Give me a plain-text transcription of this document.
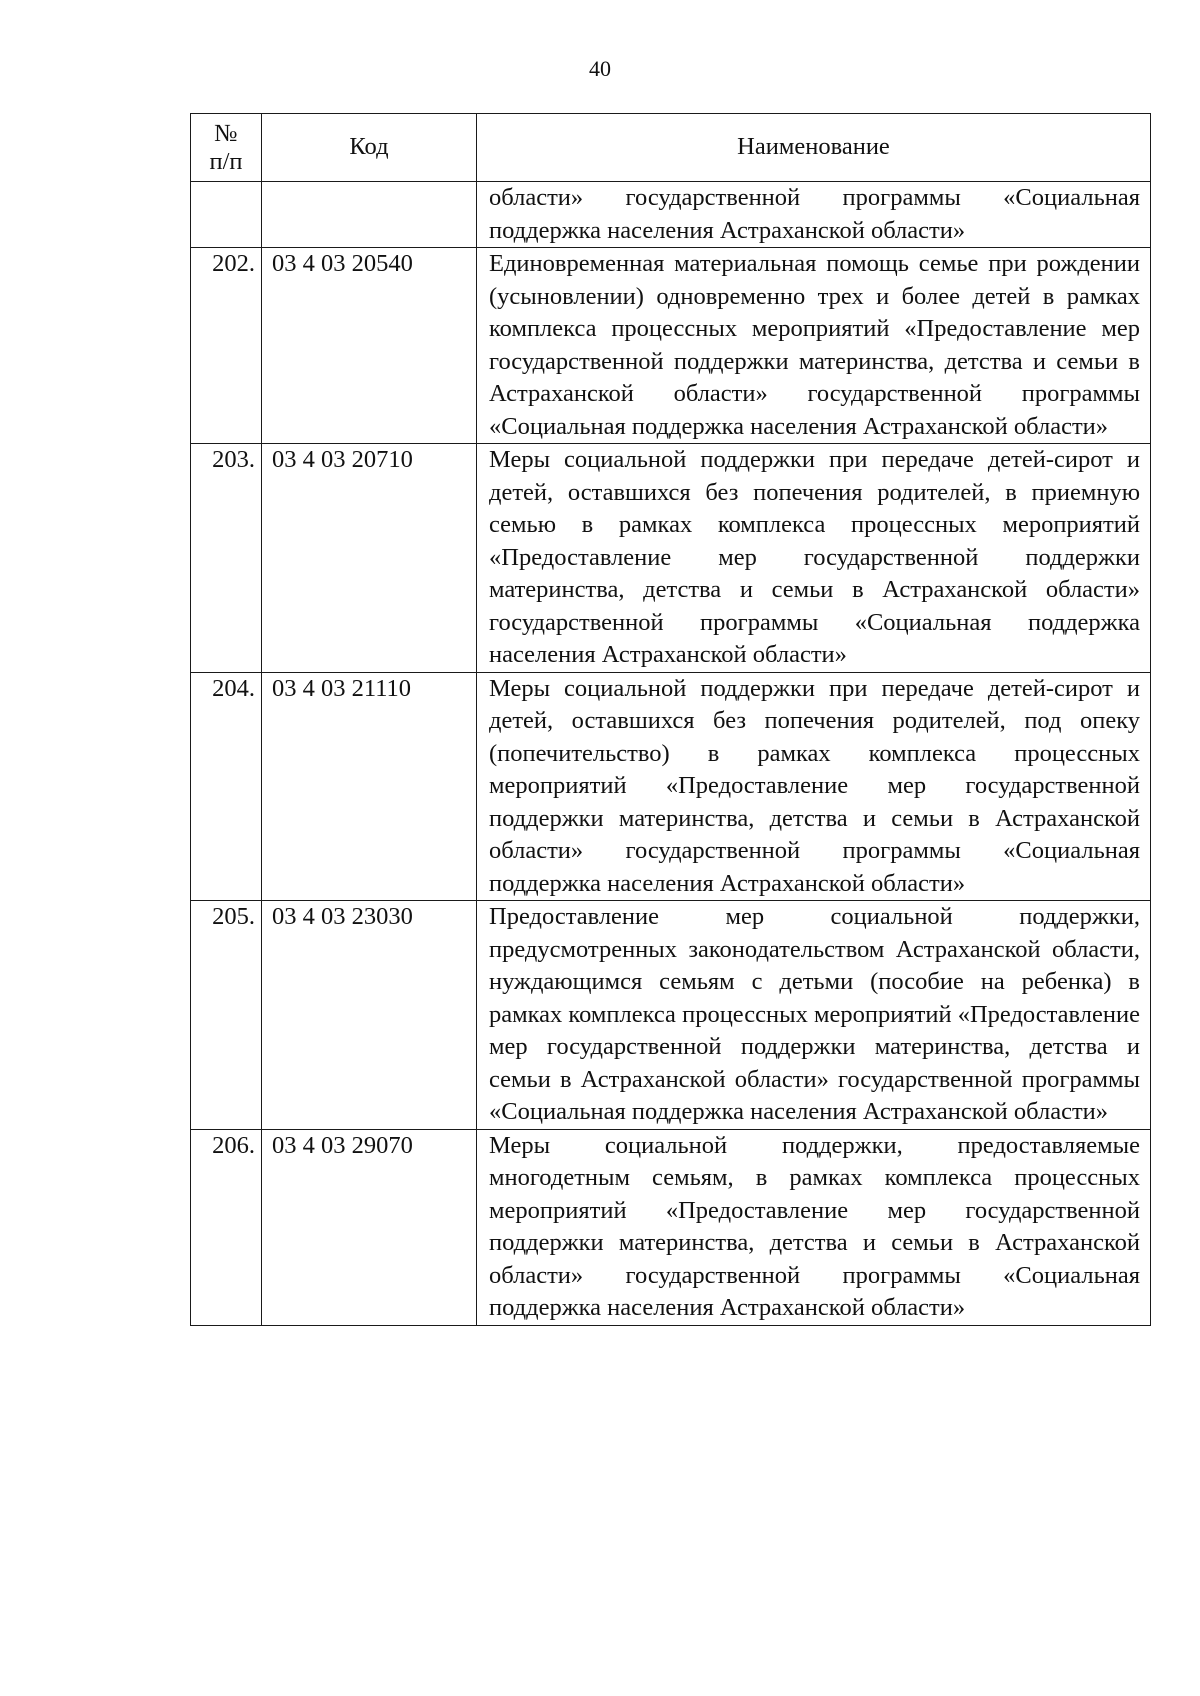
40
№
п/п	Код	Наименование
		области» государственной программы «Социальная поддержка населения Астраханской области»
202.	03 4 03 20540	Единовременная материальная помощь семье при рождении (усыновлении) одновременно трех и более детей в рамках комплекса процессных мероприятий «Предоставление мер государственной поддержки материнства, детства и семьи в Астраханской области» государственной программы «Социальная поддержка населения Астраханской области»
203.	03 4 03 20710	Меры социальной поддержки при передаче детей-сирот и детей, оставшихся без попечения родителей, в приемную семью в рамках комплекса процессных мероприятий «Предоставление мер государственной поддержки материнства, детства и семьи в Астраханской области» государственной программы «Социальная поддержка населения Астраханской области»
204.	03 4 03 21110	Меры социальной поддержки при передаче детей-сирот и детей, оставшихся без попечения родителей, под опеку (попечительство) в рамках комплекса процессных мероприятий «Предоставление мер государственной поддержки материнства, детства и семьи в Астраханской области» государственной программы «Социальная поддержка населения Астраханской области»
205.	03 4 03 23030	Предоставление мер социальной поддержки, предусмотренных законодательством Астраханской области, нуждающимся семьям с детьми (пособие на ребенка) в рамках комплекса процессных мероприятий «Предоставление мер государственной поддержки материнства, детства и семьи в Астраханской области» государственной программы «Социальная поддержка населения Астраханской области»
206.	03 4 03 29070	Меры социальной поддержки, предоставляемые многодетным семьям, в рамках комплекса процессных мероприятий «Предоставление мер государственной поддержки материнства, детства и семьи в Астраханской области» государственной программы «Социальная поддержка населения Астраханской области»
